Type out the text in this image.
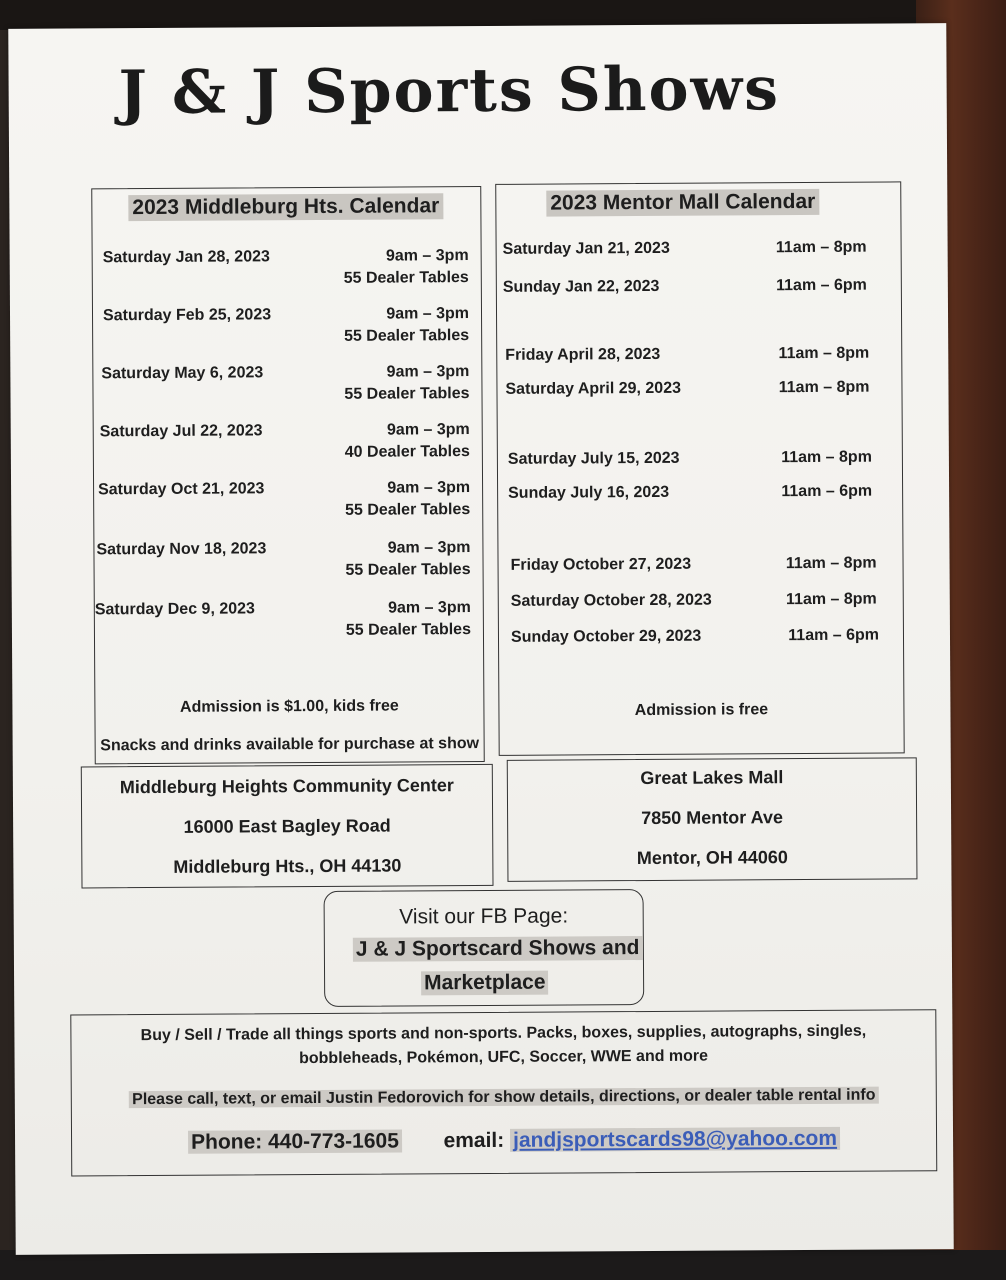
J & J Sports Shows
2023 Middleburg Hts. Calendar
Saturday Jan 28, 2023	9am – 3pm
55 Dealer Tables
Saturday Feb 25, 2023	9am – 3pm
55 Dealer Tables
Saturday May 6, 2023	9am – 3pm
55 Dealer Tables
Saturday Jul 22, 2023	9am – 3pm
40 Dealer Tables
Saturday Oct 21, 2023	9am – 3pm
55 Dealer Tables
Saturday Nov 18, 2023	9am – 3pm
55 Dealer Tables
Saturday Dec 9, 2023	9am – 3pm
55 Dealer Tables
Admission is $1.00, kids free
Snacks and drinks available for purchase at show
2023 Mentor Mall Calendar
Saturday Jan 21, 2023	11am – 8pm
Sunday Jan 22, 2023	11am – 6pm
Friday April 28, 2023	11am – 8pm
Saturday April 29, 2023	11am – 8pm
Saturday July 15, 2023	11am – 8pm
Sunday July 16, 2023	11am – 6pm
Friday October 27, 2023	11am – 8pm
Saturday October 28, 2023	11am – 8pm
Sunday October 29, 2023	11am – 6pm
Admission is free
Middleburg Heights Community Center
16000 East Bagley Road
Middleburg Hts., OH 44130
Great Lakes Mall
7850 Mentor Ave
Mentor, OH 44060
Visit our FB Page:
J & J Sportscard Shows and
Marketplace
Buy / Sell / Trade all things sports and non-sports. Packs, boxes, supplies, autographs, singles,
bobbleheads, Pokémon, UFC, Soccer, WWE and more
Please call, text, or email Justin Fedorovich for show details, directions, or dealer table rental info
Phone: 440-773-1605 email: jandjsportscards98@yahoo.com
